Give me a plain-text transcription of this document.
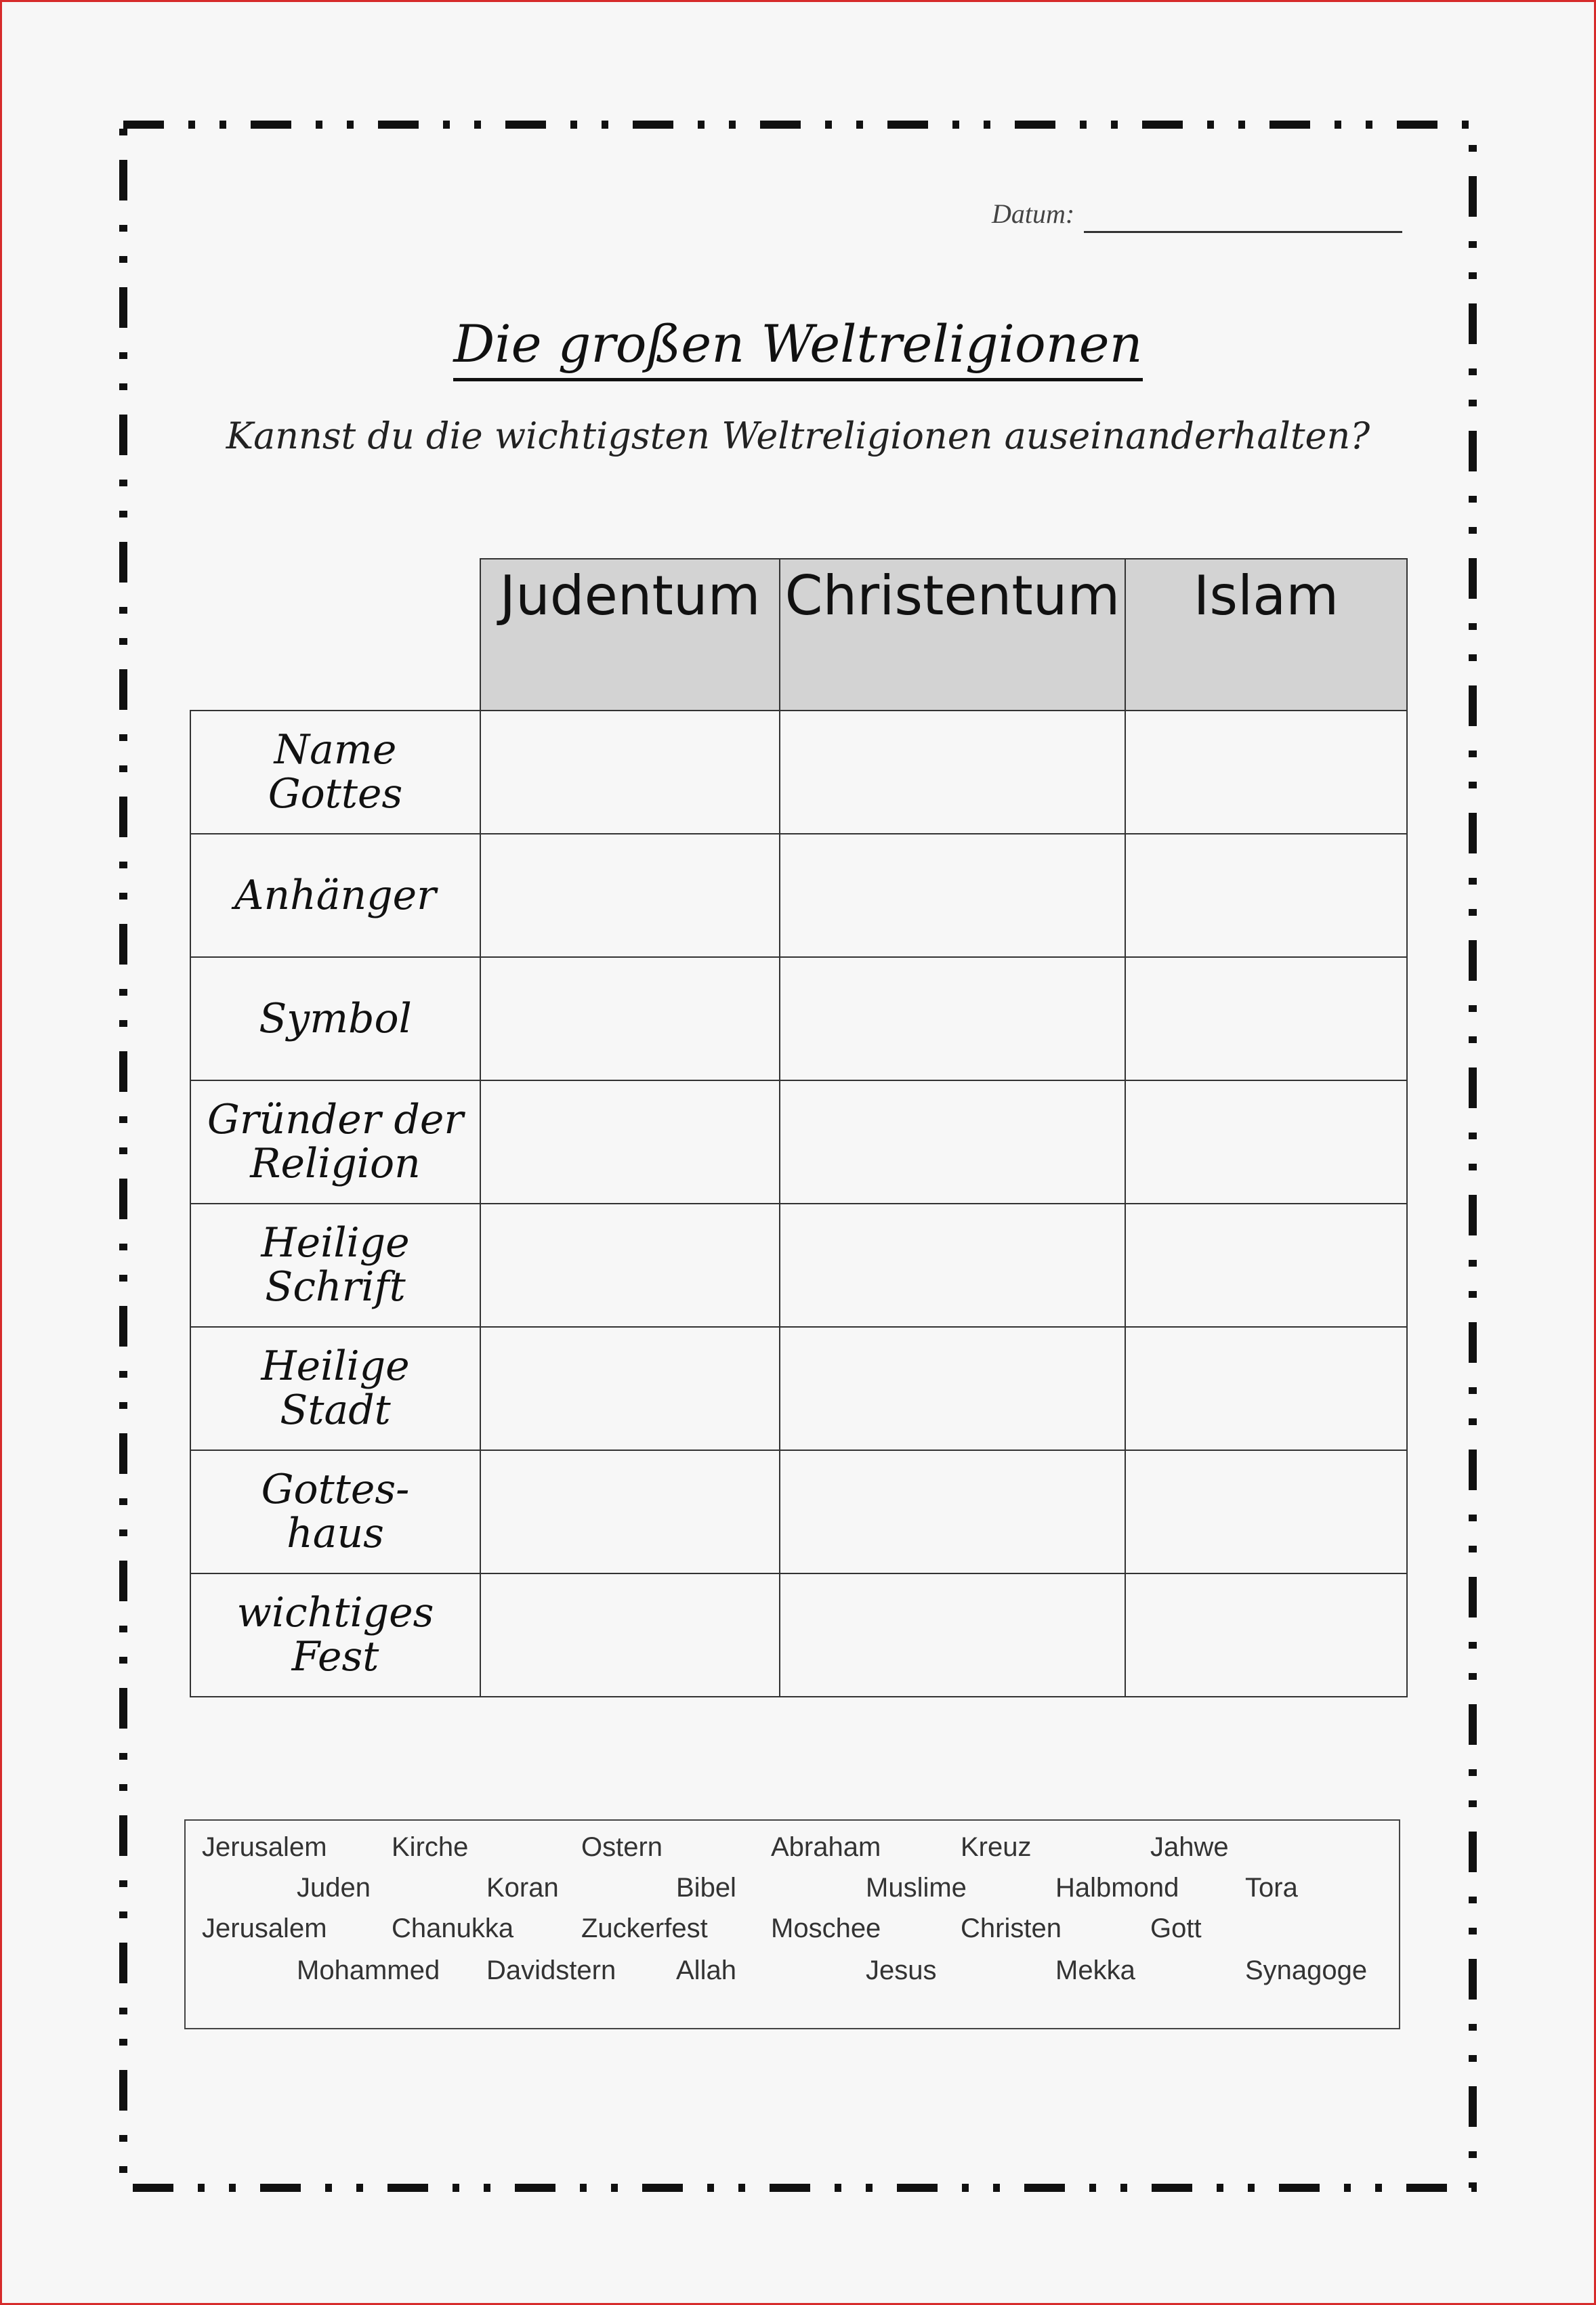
Datum:
Die großen Weltreligionen
Kannst du die wichtigsten Weltreligionen auseinanderhalten?
	Judentum	Christentum	Islam

Name
Gottes			

Anhänger			

Symbol			

Gründer der
Religion			

Heilige
Schrift			

Heilige
Stadt			

Gottes-
haus			

wichtiges
Fest			

Jerusalem Kirche	Ostern	Abraham	Kreuz	Jahwe
Juden	Koran	Bibel	Muslime	Halbmond Tora
Jerusalem Chanukka Zuckerfest Moschee	Christen	Gott
Mohammed Davidstern Allah	Jesus	Mekka	Synagoge
